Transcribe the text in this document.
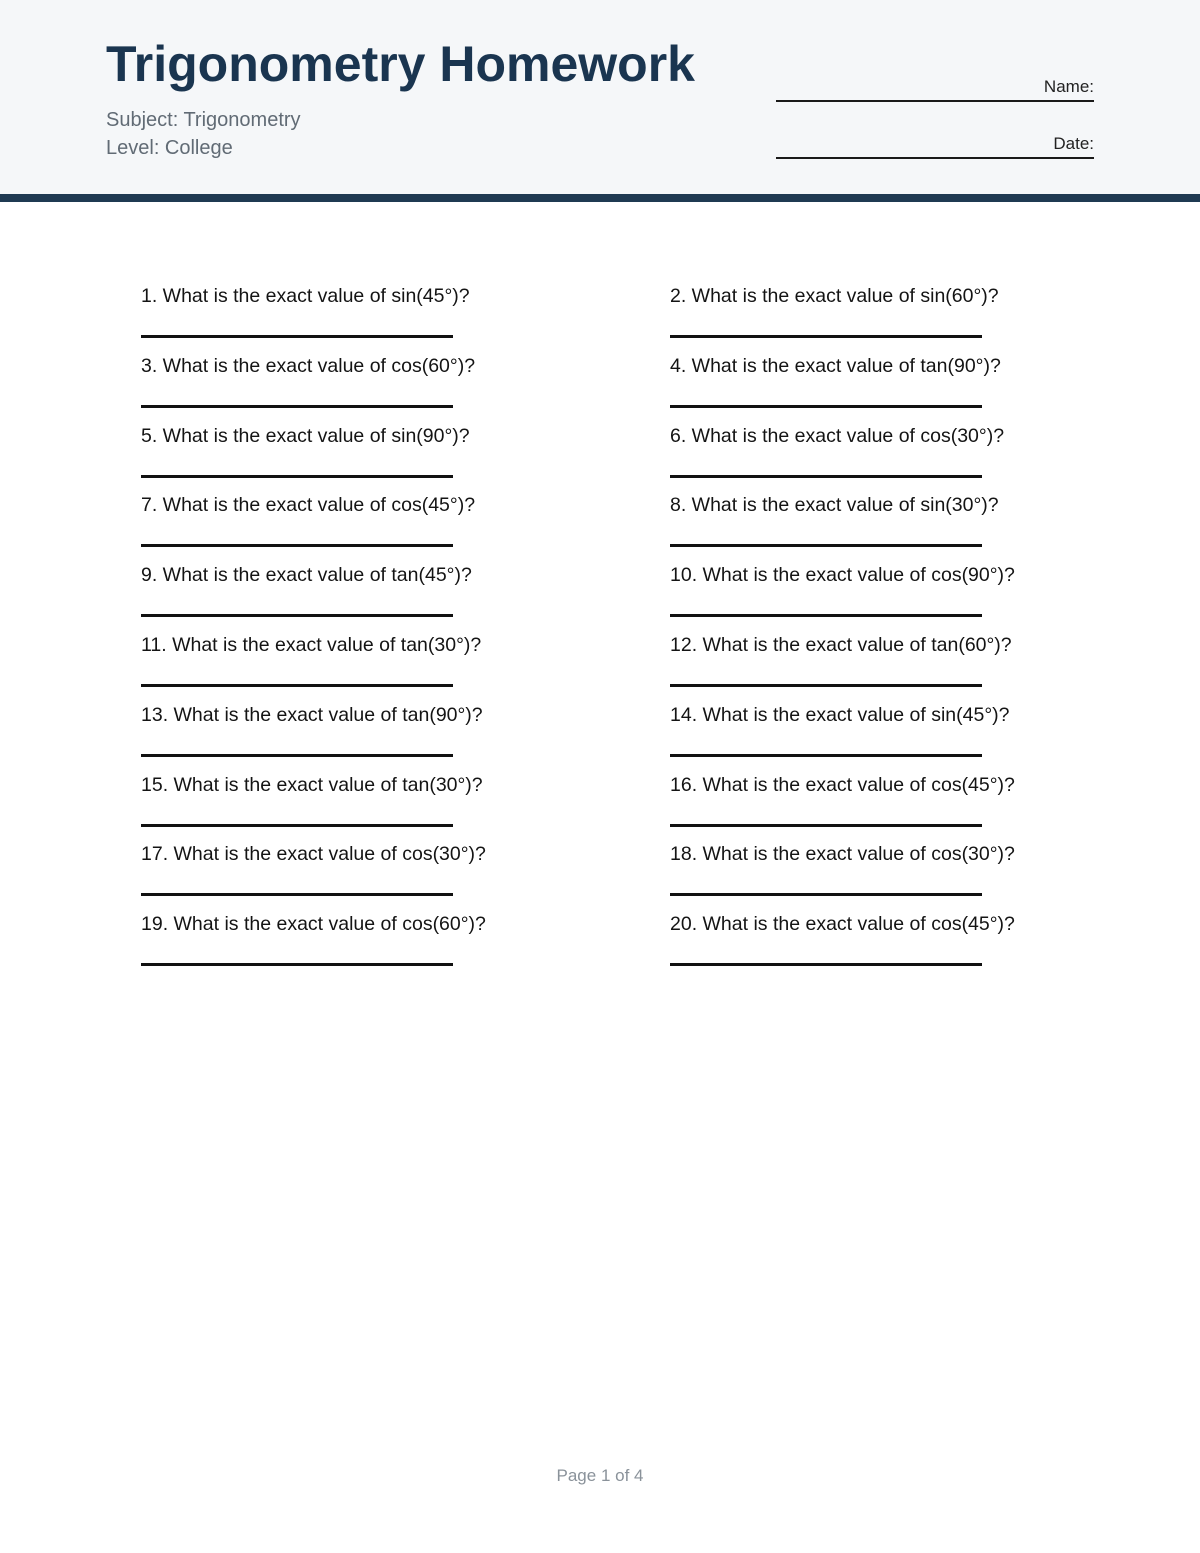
Trigonometry Homework
Subject: Trigonometry
Level: College
Name:
Date:
1. What is the exact value of sin(45°)?	2. What is the exact value of sin(60°)?
3. What is the exact value of cos(60°)?	4. What is the exact value of tan(90°)?
5. What is the exact value of sin(90°)?	6. What is the exact value of cos(30°)?
7. What is the exact value of cos(45°)?	8. What is the exact value of sin(30°)?
9. What is the exact value of tan(45°)?	10. What is the exact value of cos(90°)?
11. What is the exact value of tan(30°)?	12. What is the exact value of tan(60°)?
13. What is the exact value of tan(90°)?	14. What is the exact value of sin(45°)?
15. What is the exact value of tan(30°)?	16. What is the exact value of cos(45°)?
17. What is the exact value of cos(30°)?	18. What is the exact value of cos(30°)?
19. What is the exact value of cos(60°)?	20. What is the exact value of cos(45°)?
Page 1 of 4
